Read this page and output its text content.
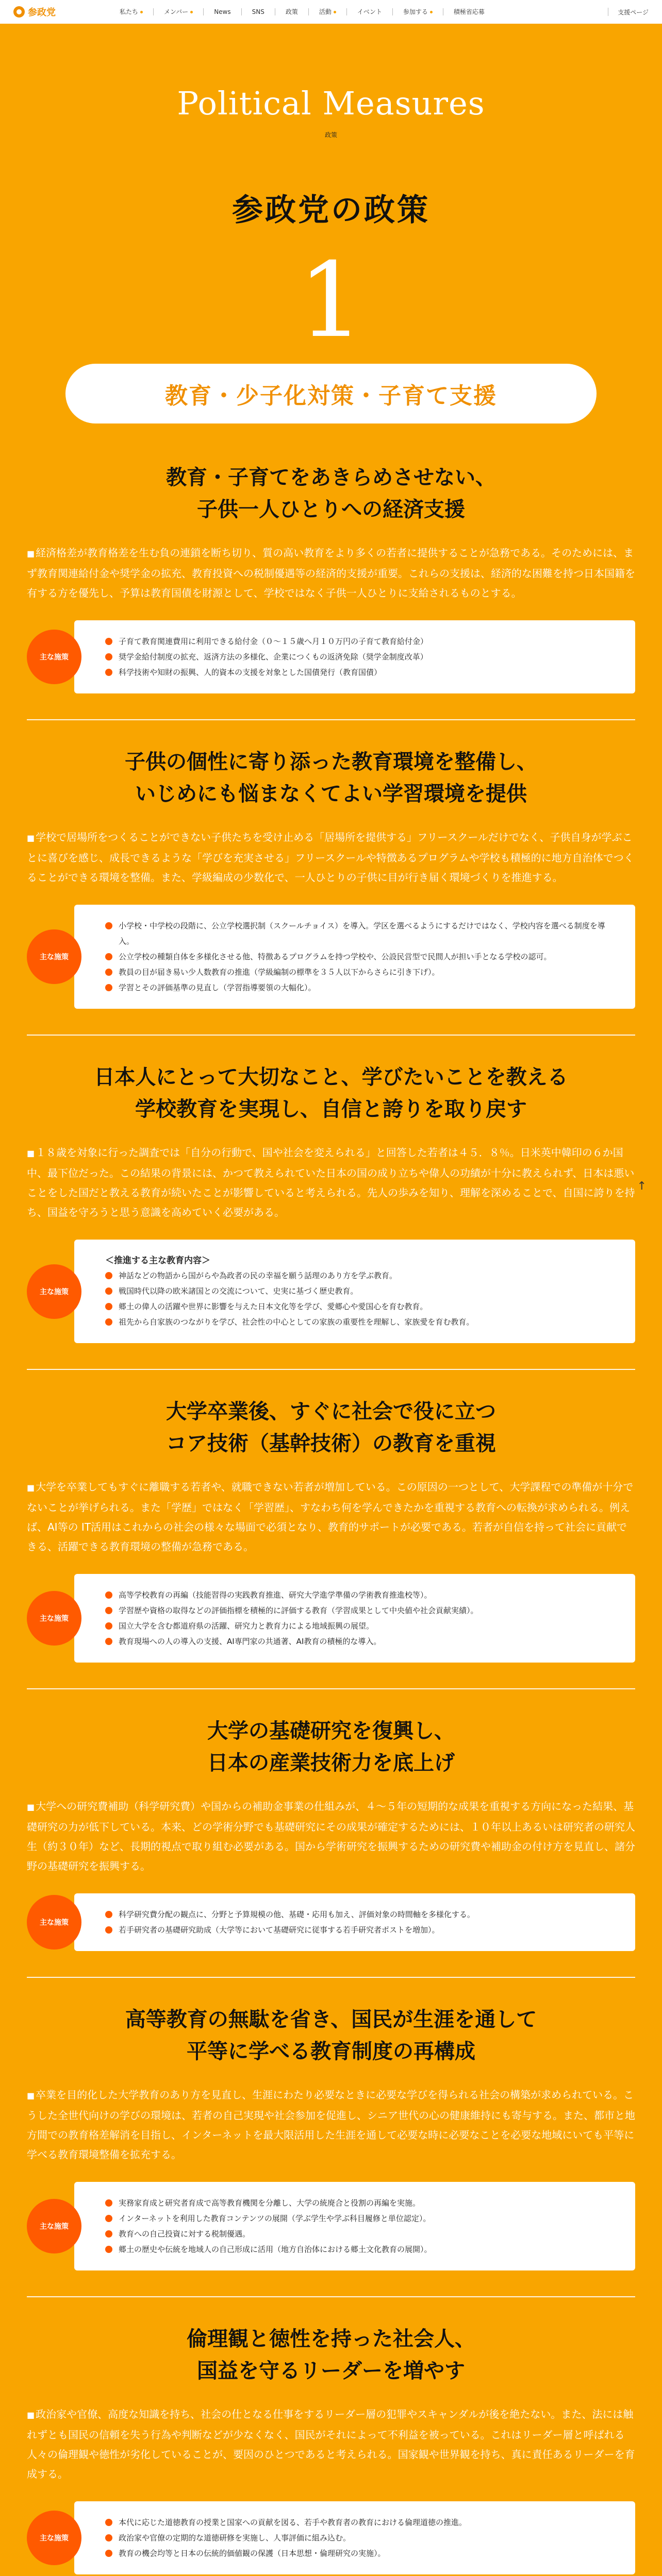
参政党	私たち	メンバー	News	SNS	政策	活動	イベント	参加する	積極省応募	支援ページ
Political Measures
政策
参政党の政策
1
教育・少子化対策・子育て支援
教育・子育てをあきらめさせない、
子供一人ひとりへの経済支援

■ 経済格差が教育格差を生む負の連鎖を断ち切り、質の高い教育をより多くの若者に提供することが急務である。そのためには、まず教育関連給付金や奨学金の拡充、教育投資への税制優遇等の経済的支援が重要。これらの支援は、経済的な困難を持つ日本国籍を有する方を優先し、予算は教育国債を財源として、学校ではなく子供一人ひとりに支給されるものとする。

主な施策
子育て教育関連費用に利用できる給付金（０～１５歳へ月１０万円の子育て教育給付金）
奨学金給付制度の拡充、返済方法の多様化、企業につくもの返済免除（奨学金制度改革）
科学技術や知財の振興、人的資本の支援を対象とした国債発行（教育国債）
子供の個性に寄り添った教育環境を整備し、
いじめにも悩まなくてよい学習環境を提供

■ 学校で居場所をつくることができない子供たちを受け止める「居場所を提供する」フリースクールだけでなく、子供自身が学ぶことに喜びを感じ、成長できるような「学びを充実させる」フリースクールや特徴あるプログラムや学校も積極的に地方自治体でつくることができる環境を整備。また、学級編成の少数化で、一人ひとりの子供に目が行き届く環境づくりを推進する。

主な施策
小学校・中学校の段階に、公立学校選択制（スクールチョイス）を導入。学区を選べるようにするだけではなく、学校内容を選べる制度を導入。
公立学校の種類自体を多様化させる他、特徴あるプログラムを持つ学校や、公設民営型で民間人が担い手となる学校の認可。
教員の目が届き易い少人数教育の推進（学級編制の標準を３５人以下からさらに引き下げ）。
学習とその評価基準の見直し（学習指導要領の大幅化）。
日本人にとって大切なこと、学びたいことを教える
学校教育を実現し、自信と誇りを取り戻す

■ １８歳を対象に行った調査では「自分の行動で、国や社会を変えられる」と回答した若者は４５．８％。日米英中韓印の６か国中、最下位だった。この結果の背景には、かつて教えられていた日本の国の成り立ちや偉人の功績が十分に教えられず、日本は悪いことをした国だと教える教育が続いたことが影響していると考えられる。先人の歩みを知り、理解を深めることで、自国に誇りを持ち、国益を守ろうと思う意識を高めていく必要がある。

主な施策
＜推進する主な教育内容＞
神話などの物語から国がらや為政者の民の幸福を願う話理のあり方を学ぶ教育。
戦国時代以降の欧米諸国との交流について、史実に基づく歴史教育。
郷土の偉人の活躍や世界に影響を与えた日本文化等を学び、愛郷心や愛国心を育む教育。
祖先から自家族のつながりを学び、社会性の中心としての家族の重要性を理解し、家族愛を育む教育。
大学卒業後、すぐに社会で役に立つ
コア技術（基幹技術）の教育を重視

■ 大学を卒業してもすぐに離職する若者や、就職できない若者が増加している。この原因の一つとして、大学課程での準備が十分でないことが挙げられる。また「学歴」ではなく「学習歴」、すなわち何を学んできたかを重視する教育への転換が求められる。例えば、AI等の IT活用はこれからの社会の様々な場面で必須となり、教育的サポートが必要である。若者が自信を持って社会に貢献できる、活躍できる教育環境の整備が急務である。

主な施策
高等学校教育の再編（技能習得の実践教育推進、研究大学進学準備の学術教育推進校等）。
学習歴や資格の取得などの評価指標を積極的に評価する教育（学習成果として中央値や社会貢献実績）。
国立大学を含む都道府県の活躍、研究力と教育力による地域振興の展望。
教育現場への人の導入の支援、AI専門家の共通著、AI教育の積極的な導入。
大学の基礎研究を復興し、
日本の産業技術力を底上げ

■ 大学への研究費補助（科学研究費）や国からの補助金事業の仕組みが、４～５年の短期的な成果を重視する方向になった結果、基礎研究の力が低下している。本来、どの学術分野でも基礎研究にその成果が確定するためには、１０年以上あるいは研究者の研究人生（約３０年）など、長期的視点で取り組む必要がある。国から学術研究を振興するための研究費や補助金の付け方を見直し、諸分野の基礎研究を振興する。

主な施策
科学研究費分配の観点に、分野と予算規模の他、基礎・応用も加え、評価対象の時間軸を多様化する。
若手研究者の基礎研究助成（大学等において基礎研究に従事する若手研究者ポストを増加）。
高等教育の無駄を省き、国民が生涯を通して
平等に学べる教育制度の再構成

■ 卒業を目的化した大学教育のあり方を見直し、生涯にわたり必要なときに必要な学びを得られる社会の構築が求められている。こうした全世代向けの学びの環境は、若者の自己実現や社会参加を促進し、シニア世代の心の健康維持にも寄与する。また、都市と地方間での教育格差解消を目指し、インターネットを最大限活用した生涯を通して必要な時に必要なことを必要な地域にいても平等に学べる教育環境整備を拡充する。

主な施策
実務家育成と研究者育成で高等教育機関を分離し、大学の統廃合と役割の再編を実施。
インターネットを利用した教育コンテンツの展開（学ぶ学生や学ぶ科目履修と単位認定）。
教育への自己投資に対する税制優遇。
郷土の歴史や伝統を地域人の自己形成に活用（地方自治体における郷土文化教育の展開）。
倫理観と徳性を持った社会人、
国益を守るリーダーを増やす

■ 政治家や官僚、高度な知識を持ち、社会の仕となる仕事をするリーダー層の犯罪やスキャンダルが後を絶たない。また、法には触れずとも国民の信頼を失う行為や判断などが少なくなく、国民がそれによって不利益を被っている。これはリーダー層と呼ばれる人々の倫理観や徳性が劣化していることが、要因のひとつであると考えられる。国家観や世界観を持ち、真に責任あるリーダーを育成する。

主な施策
本代に応じた道徳教育の授業と国家への貢献を図る、若手や教育者の教育における倫理道徳の推進。
政治家や官僚の定期的な道徳研修を実施し、人事評価に組み込む。
教育の機会均等と日本の伝統的価値観の保護（日本思想・倫理研究の実施）。

↑
